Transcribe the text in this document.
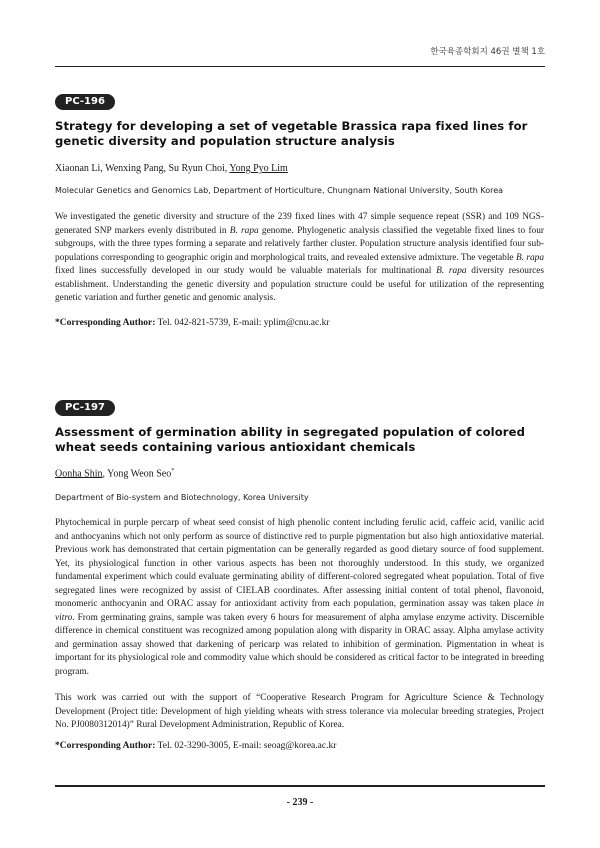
한국육종학회지 46권 별책 1호
PC-196
Strategy for developing a set of vegetable Brassica rapa fixed lines for genetic diversity and population structure analysis
Xiaonan Li, Wenxing Pang, Su Ryun Choi, Yong Pyo Lim
Molecular Genetics and Genomics Lab, Department of Horticulture, Chungnam National University, South Korea

We investigated the genetic diversity and structure of the 239 fixed lines with 47 simple sequence repeat (SSR) and 109 NGS-generated SNP markers evenly distributed in B. rapa genome. Phylogenetic analysis classified the vegetable fixed lines to four subgroups, with the three types forming a separate and relatively farther cluster. Population structure analysis identified four sub-populations corresponding to geographic origin and morphological traits, and revealed extensive admixture. The vegetable B. rapa fixed lines successfully developed in our study would be valuable materials for multinational B. rapa diversity resources establishment. Understanding the genetic diversity and population structure could be useful for utilization of the representing genetic variation and further genetic and genomic analysis.

*Corresponding Author: Tel. 042-821-5739, E-mail: yplim@cnu.ac.kr
PC-197
Assessment of germination ability in segregated population of colored wheat seeds containing various antioxidant chemicals
Oonha Shin, Yong Weon Seo*
Department of Bio-system and Biotechnology, Korea University

Phytochemical in purple percarp of wheat seed consist of high phenolic content including ferulic acid, caffeic acid, vanilic acid and anthocyanins which not only perform as source of distinctive red to purple pigmentation but also high antioxidative material. Previous work has demonstrated that certain pigmentation can be generally regarded as good dietary source of food supplement. Yet, its physiological function in other various aspects has been not thoroughly understood. In this study, we organized fundamental experiment which could evaluate germinating ability of different-colored segregated wheat population. Total of five segregated lines were recognized by assist of CIELAB coordinates. After assessing initial content of total phenol, flavonoid, monomeric anthocyanin and ORAC assay for antioxidant activity from each population, germination assay was taken place in vitro. From germinating grains, sample was taken every 6 hours for measurement of alpha amylase enzyme activity. Discernible difference in chemical constituent was recognized among population along with disparity in ORAC assay. Alpha amylase activity and germination assay showed that darkening of pericarp was related to inhibition of germination. Pigmentation in wheat is important for its physiological role and commodity value which should be considered as critical factor to be integrated in breeding program.

This work was carried out with the support of “Cooperative Research Program for Agriculture Science & Technology Development (Project title: Development of high yielding wheats with stress tolerance via molecular breeding strategies, Project No. PJ0080312014)” Rural Development Administration, Republic of Korea.

*Corresponding Author: Tel. 02-3290-3005, E-mail: seoag@korea.ac.kr
- 239 -
